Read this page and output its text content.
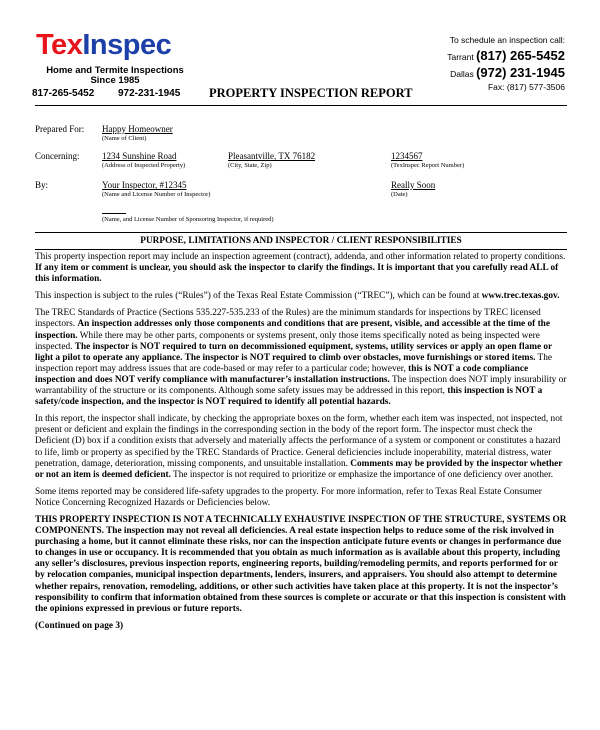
TexInspec
Home and Termite Inspections
Since 1985
817-265-5452 972-231-1945 PROPERTY INSPECTION REPORT
To schedule an inspection call:
Tarrant (817) 265-5452
Dallas (972) 231-1945
Fax: (817) 577-3506
Prepared For: Happy Homeowner
(Name of Client)
Concerning:	1234 Sunshine Road
(Address of Inspected Property)
Pleasantville, TX 76182
(City, State, Zip)
1234567
(TexInspec Report Number)
By:	Your Inspector, #12345
(Name and License Number of Inspector)
Really Soon
(Date)
(Name, and License Number of Sponsoring Inspector, if required)
PURPOSE, LIMITATIONS AND INSPECTOR / CLIENT RESPONSIBILITIES

This property inspection report may include an inspection agreement (contract), addenda, and other information related to property conditions. If any item or comment is unclear, you should ask the inspector to clarify the findings. It is important that you carefully read ALL of this information.

This inspection is subject to the rules (“Rules”) of the Texas Real Estate Commission (“TREC”), which can be found at www.trec.texas.gov.

The TREC Standards of Practice (Sections 535.227-535.233 of the Rules) are the minimum standards for inspections by TREC licensed inspectors. An inspection addresses only those components and conditions that are present, visible, and accessible at the time of the inspection. While there may be other parts, components or systems present, only those items specifically noted as being inspected were inspected. The inspector is NOT required to turn on decommissioned equipment, systems, utility services or apply an open flame or light a pilot to operate any appliance. The inspector is NOT required to climb over obstacles, move furnishings or stored items. The inspection report may address issues that are code-based or may refer to a particular code; however, this is NOT a code compliance inspection and does NOT verify compliance with manufacturer’s installation instructions. The inspection does NOT imply insurability or warrantability of the structure or its components. Although some safety issues may be addressed in this report, this inspection is NOT a safety/code inspection, and the inspector is NOT required to identify all potential hazards.

In this report, the inspector shall indicate, by checking the appropriate boxes on the form, whether each item was inspected, not inspected, not present or deficient and explain the findings in the corresponding section in the body of the report form. The inspector must check the Deficient (D) box if a condition exists that adversely and materially affects the performance of a system or component or constitutes a hazard to life, limb or property as specified by the TREC Standards of Practice. General deficiencies include inoperability, material distress, water penetration, damage, deterioration, missing components, and unsuitable installation. Comments may be provided by the inspector whether or not an item is deemed deficient. The inspector is not required to prioritize or emphasize the importance of one deficiency over another.

Some items reported may be considered life-safety upgrades to the property. For more information, refer to Texas Real Estate Consumer Notice Concerning Recognized Hazards or Deficiencies below.

THIS PROPERTY INSPECTION IS NOT A TECHNICALLY EXHAUSTIVE INSPECTION OF THE STRUCTURE, SYSTEMS OR COMPONENTS. The inspection may not reveal all deficiencies. A real estate inspection helps to reduce some of the risk involved in purchasing a home, but it cannot eliminate these risks, nor can the inspection anticipate future events or changes in performance due to changes in use or occupancy. It is recommended that you obtain as much information as is available about this property, including any seller’s disclosures, previous inspection reports, engineering reports, building/remodeling permits, and reports performed for or by relocation companies, municipal inspection departments, lenders, insurers, and appraisers. You should also attempt to determine whether repairs, renovation, remodeling, additions, or other such activities have taken place at this property. It is not the inspector’s responsibility to confirm that information obtained from these sources is complete or accurate or that this inspection is consistent with the opinions expressed in previous or future reports.

(Continued on page 3)
